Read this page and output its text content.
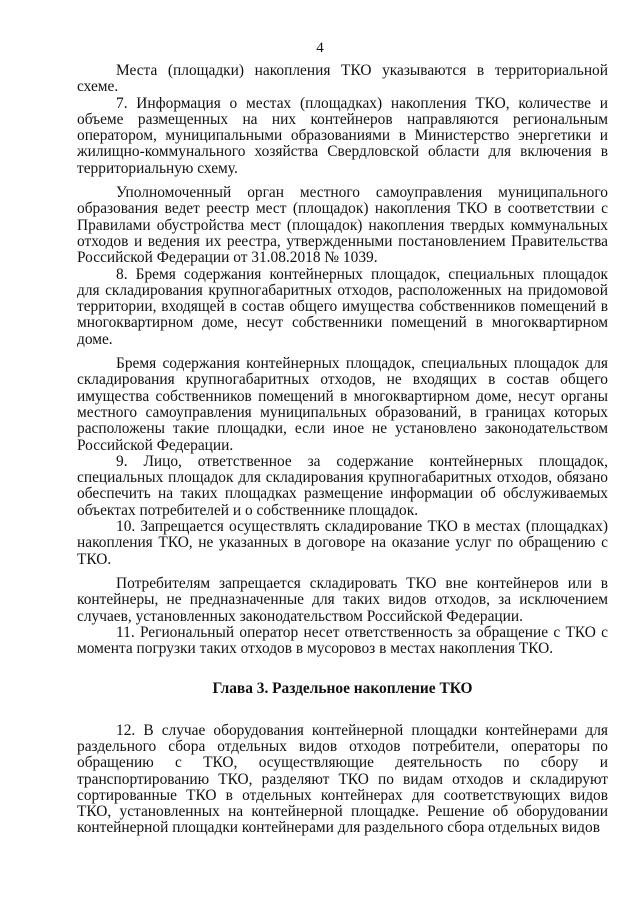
4

Места (площадки) накопления ТКО указываются в территориальной схеме.

7. Информация о местах (площадках) накопления ТКО, количестве и объеме размещенных на них контейнеров направляются региональным оператором, муниципальными образованиями в Министерство энергетики и жилищно-коммунального хозяйства Свердловской области для включения в территориальную схему.

Уполномоченный орган местного самоуправления муниципального образования ведет реестр мест (площадок) накопления ТКО в соответствии с Правилами обустройства мест (площадок) накопления твердых коммунальных отходов и ведения их реестра, утвержденными постановлением Правительства Российской Федерации от 31.08.2018 № 1039.

8. Бремя содержания контейнерных площадок, специальных площадок для складирования крупногабаритных отходов, расположенных на придомовой территории, входящей в состав общего имущества собственников помещений в многоквартирном доме, несут собственники помещений в многоквартирном доме.

Бремя содержания контейнерных площадок, специальных площадок для складирования крупногабаритных отходов, не входящих в состав общего имущества собственников помещений в многоквартирном доме, несут органы местного самоуправления муниципальных образований, в границах которых расположены такие площадки, если иное не установлено законодательством Российской Федерации.

9. Лицо, ответственное за содержание контейнерных площадок, специальных площадок для складирования крупногабаритных отходов, обязано обеспечить на таких площадках размещение информации об обслуживаемых объектах потребителей и о собственнике площадок.

10. Запрещается осуществлять складирование ТКО в местах (площадках) накопления ТКО, не указанных в договоре на оказание услуг по обращению с ТКО.

Потребителям запрещается складировать ТКО вне контейнеров или в контейнеры, не предназначенные для таких видов отходов, за исключением случаев, установленных законодательством Российской Федерации.

11. Региональный оператор несет ответственность за обращение с ТКО с момента погрузки таких отходов в мусоровоз в местах накопления ТКО.

Глава 3. Раздельное накопление ТКО

12. В случае оборудования контейнерной площадки контейнерами для раздельного сбора отдельных видов отходов потребители, операторы по обращению с ТКО, осуществляющие деятельность по сбору и транспортированию ТКО, разделяют ТКО по видам отходов и складируют сортированные ТКО в отдельных контейнерах для соответствующих видов ТКО, установленных на контейнерной площадке. Решение об оборудовании контейнерной площадки контейнерами для раздельного сбора отдельных видов
